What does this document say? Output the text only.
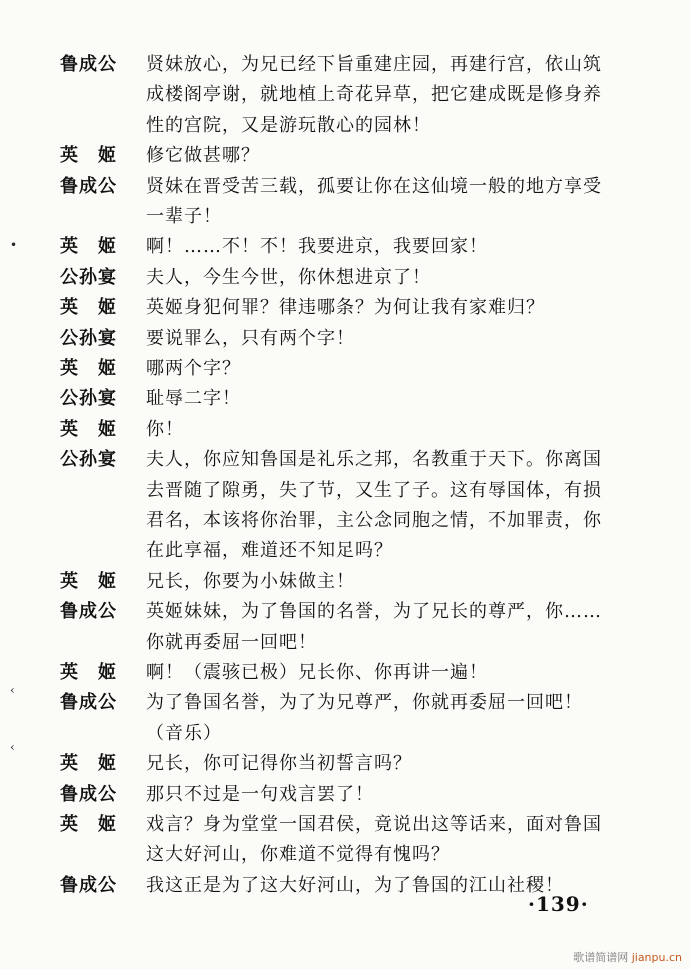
鲁成公	贤妹放心，为兄已经下旨重建庄园，再建行宫，依山筑
成楼阁亭谢，就地植上奇花异草，把它建成既是修身养
性的宫院，又是游玩散心的园林！
英　姬	修它做甚哪？
鲁成公	贤妹在晋受苦三载，孤要让你在这仙境一般的地方享受
一辈子！
英　姬	啊！……不！不！我要进京，我要回家！
公孙宴	夫人，今生今世，你休想进京了！
英　姬	英姬身犯何罪？律违哪条？为何让我有家难归？
公孙宴	要说罪么，只有两个字！
英　姬	哪两个字？
公孙宴	耻辱二字！
英　姬	你！
公孙宴	夫人，你应知鲁国是礼乐之邦，名教重于天下。你离国
去晋随了隙勇，失了节，又生了子。这有辱国体，有损
君名，本该将你治罪，主公念同胞之情，不加罪责，你
在此享福，难道还不知足吗？
英　姬	兄长，你要为小妹做主！
鲁成公	英姬妹妹，为了鲁国的名誉，为了兄长的尊严，你……
你就再委屈一回吧！
英　姬	啊！（震骇已极）兄长你、你再讲一遍！
鲁成公	为了鲁国名誉，为了为兄尊严，你就再委屈一回吧！
（音乐）
英　姬	兄长，你可记得你当初誓言吗？
鲁成公	那只不过是一句戏言罢了！
英　姬	戏言？身为堂堂一国君侯，竟说出这等话来，面对鲁国
这大好河山，你难道不觉得有愧吗？
鲁成公	我这正是为了这大好河山，为了鲁国的江山社稷！
•
‹
‹
·139·
歌谱简谱网 jianpu.cn
